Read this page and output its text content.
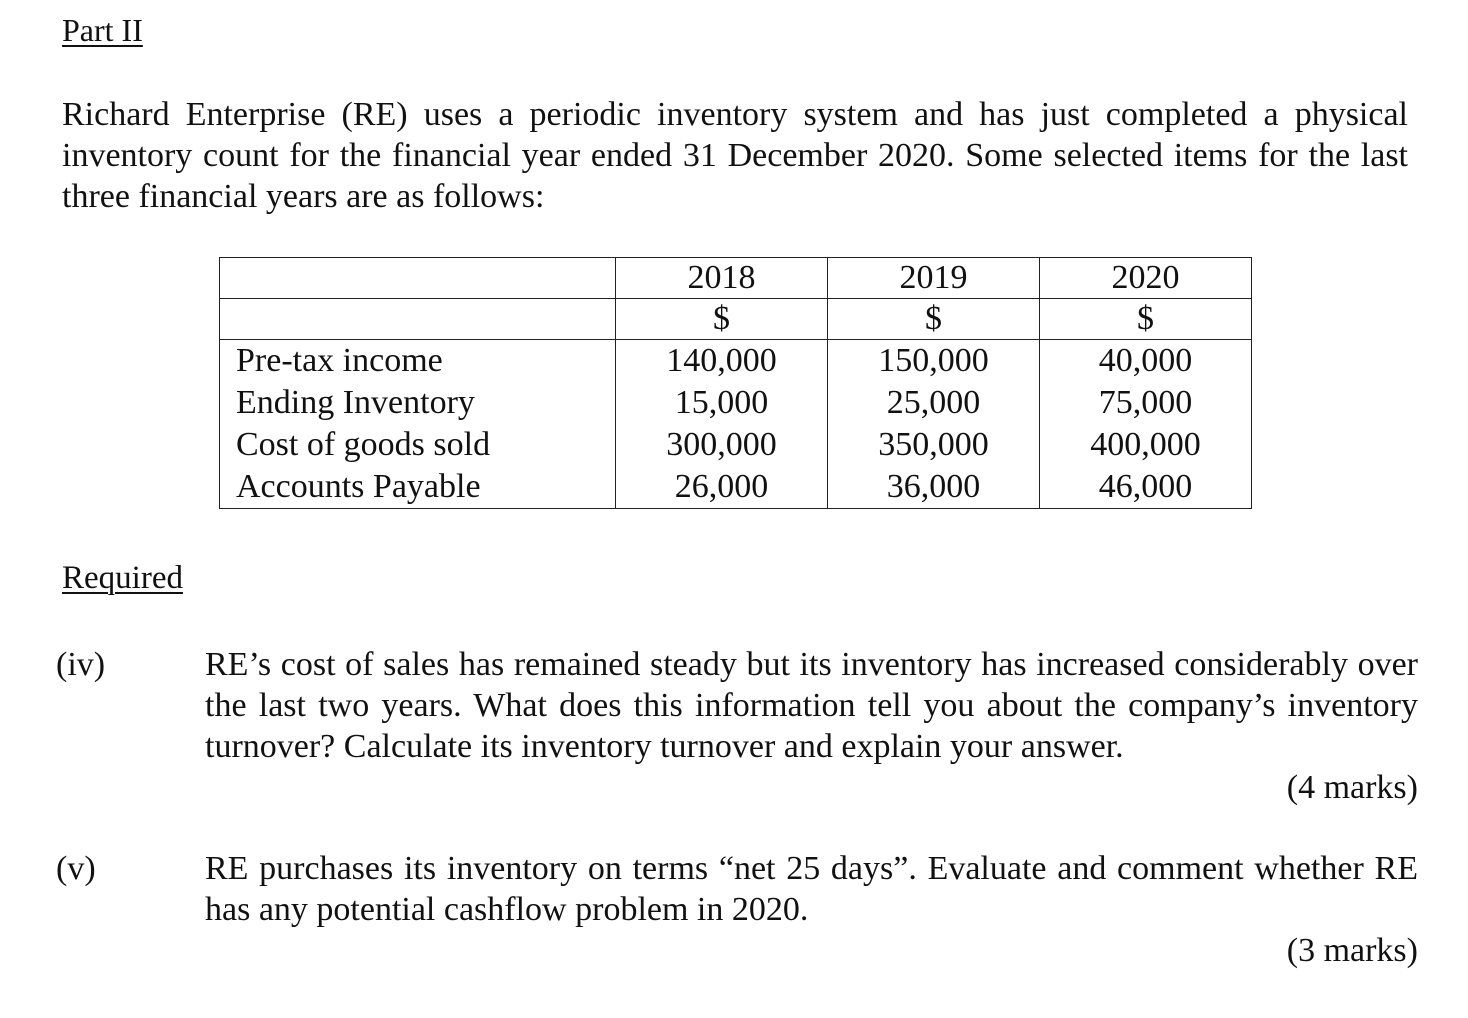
Part II
Richard Enterprise (RE) uses a periodic inventory system and has just completed a physical inventory count for the financial year ended 31 December 2020. Some selected items for the last three financial years are as follows:
	2018	2019	2020
	$	$	$
Pre-tax income	140,000	150,000	40,000
Ending Inventory	15,000	25,000	75,000
Cost of goods sold	300,000	350,000	400,000
Accounts Payable	26,000	36,000	46,000
Required
(iv)	RE’s cost of sales has remained steady but its inventory has increased considerably over the last two years. What does this information tell you about the company’s inventory turnover? Calculate its inventory turnover and explain your answer.
(4 marks)
(v)	RE purchases its inventory on terms “net 25 days”. Evaluate and comment whether RE has any potential cashflow problem in 2020.
(3 marks)
